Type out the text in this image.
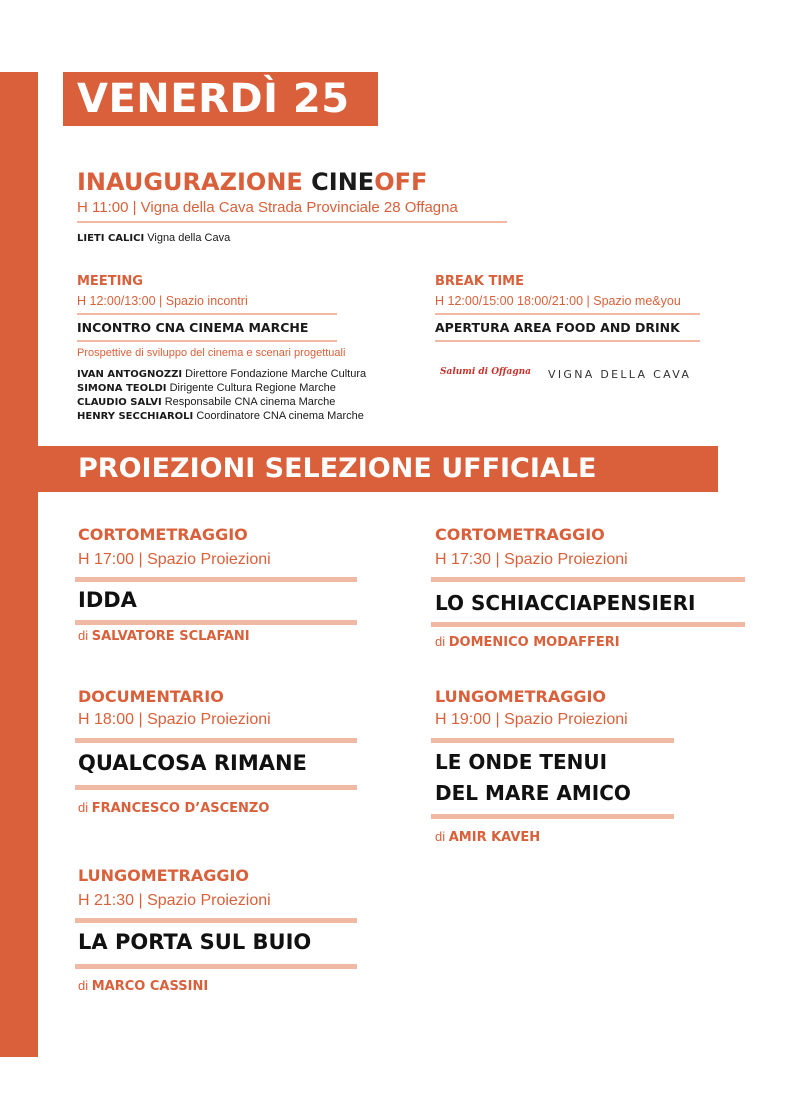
VENERDÌ 25
INAUGURAZIONE CINEOFF
H 11:00 | Vigna della Cava Strada Provinciale 28 Offagna
LIETI CALICI Vigna della Cava
MEETING
H 12:00/13:00 | Spazio incontri
INCONTRO CNA CINEMA MARCHE
Prospettive di sviluppo del cinema e scenari progettuali
IVAN ANTOGNOZZI Direttore Fondazione Marche Cultura
SIMONA TEOLDI Dirigente Cultura Regione Marche
CLAUDIO SALVI Responsabile CNA cinema Marche
HENRY SECCHIAROLI Coordinatore CNA cinema Marche
BREAK TIME
H 12:00/15:00 18:00/21:00 | Spazio me&you
APERTURA AREA FOOD AND DRINK
Salumi di Offagna VIGNA DELLA CAVA
PROIEZIONI SELEZIONE UFFICIALE
CORTOMETRAGGIO
H 17:00 | Spazio Proiezioni
IDDA
di SALVATORE SCLAFANI
CORTOMETRAGGIO
H 17:30 | Spazio Proiezioni
LO SCHIACCIAPENSIERI
di DOMENICO MODAFFERI
DOCUMENTARIO
H 18:00 | Spazio Proiezioni
QUALCOSA RIMANE
di FRANCESCO D’ASCENZO
LUNGOMETRAGGIO
H 19:00 | Spazio Proiezioni
LE ONDE TENUI
DEL MARE AMICO
di AMIR KAVEH
LUNGOMETRAGGIO
H 21:30 | Spazio Proiezioni
LA PORTA SUL BUIO
di MARCO CASSINI
